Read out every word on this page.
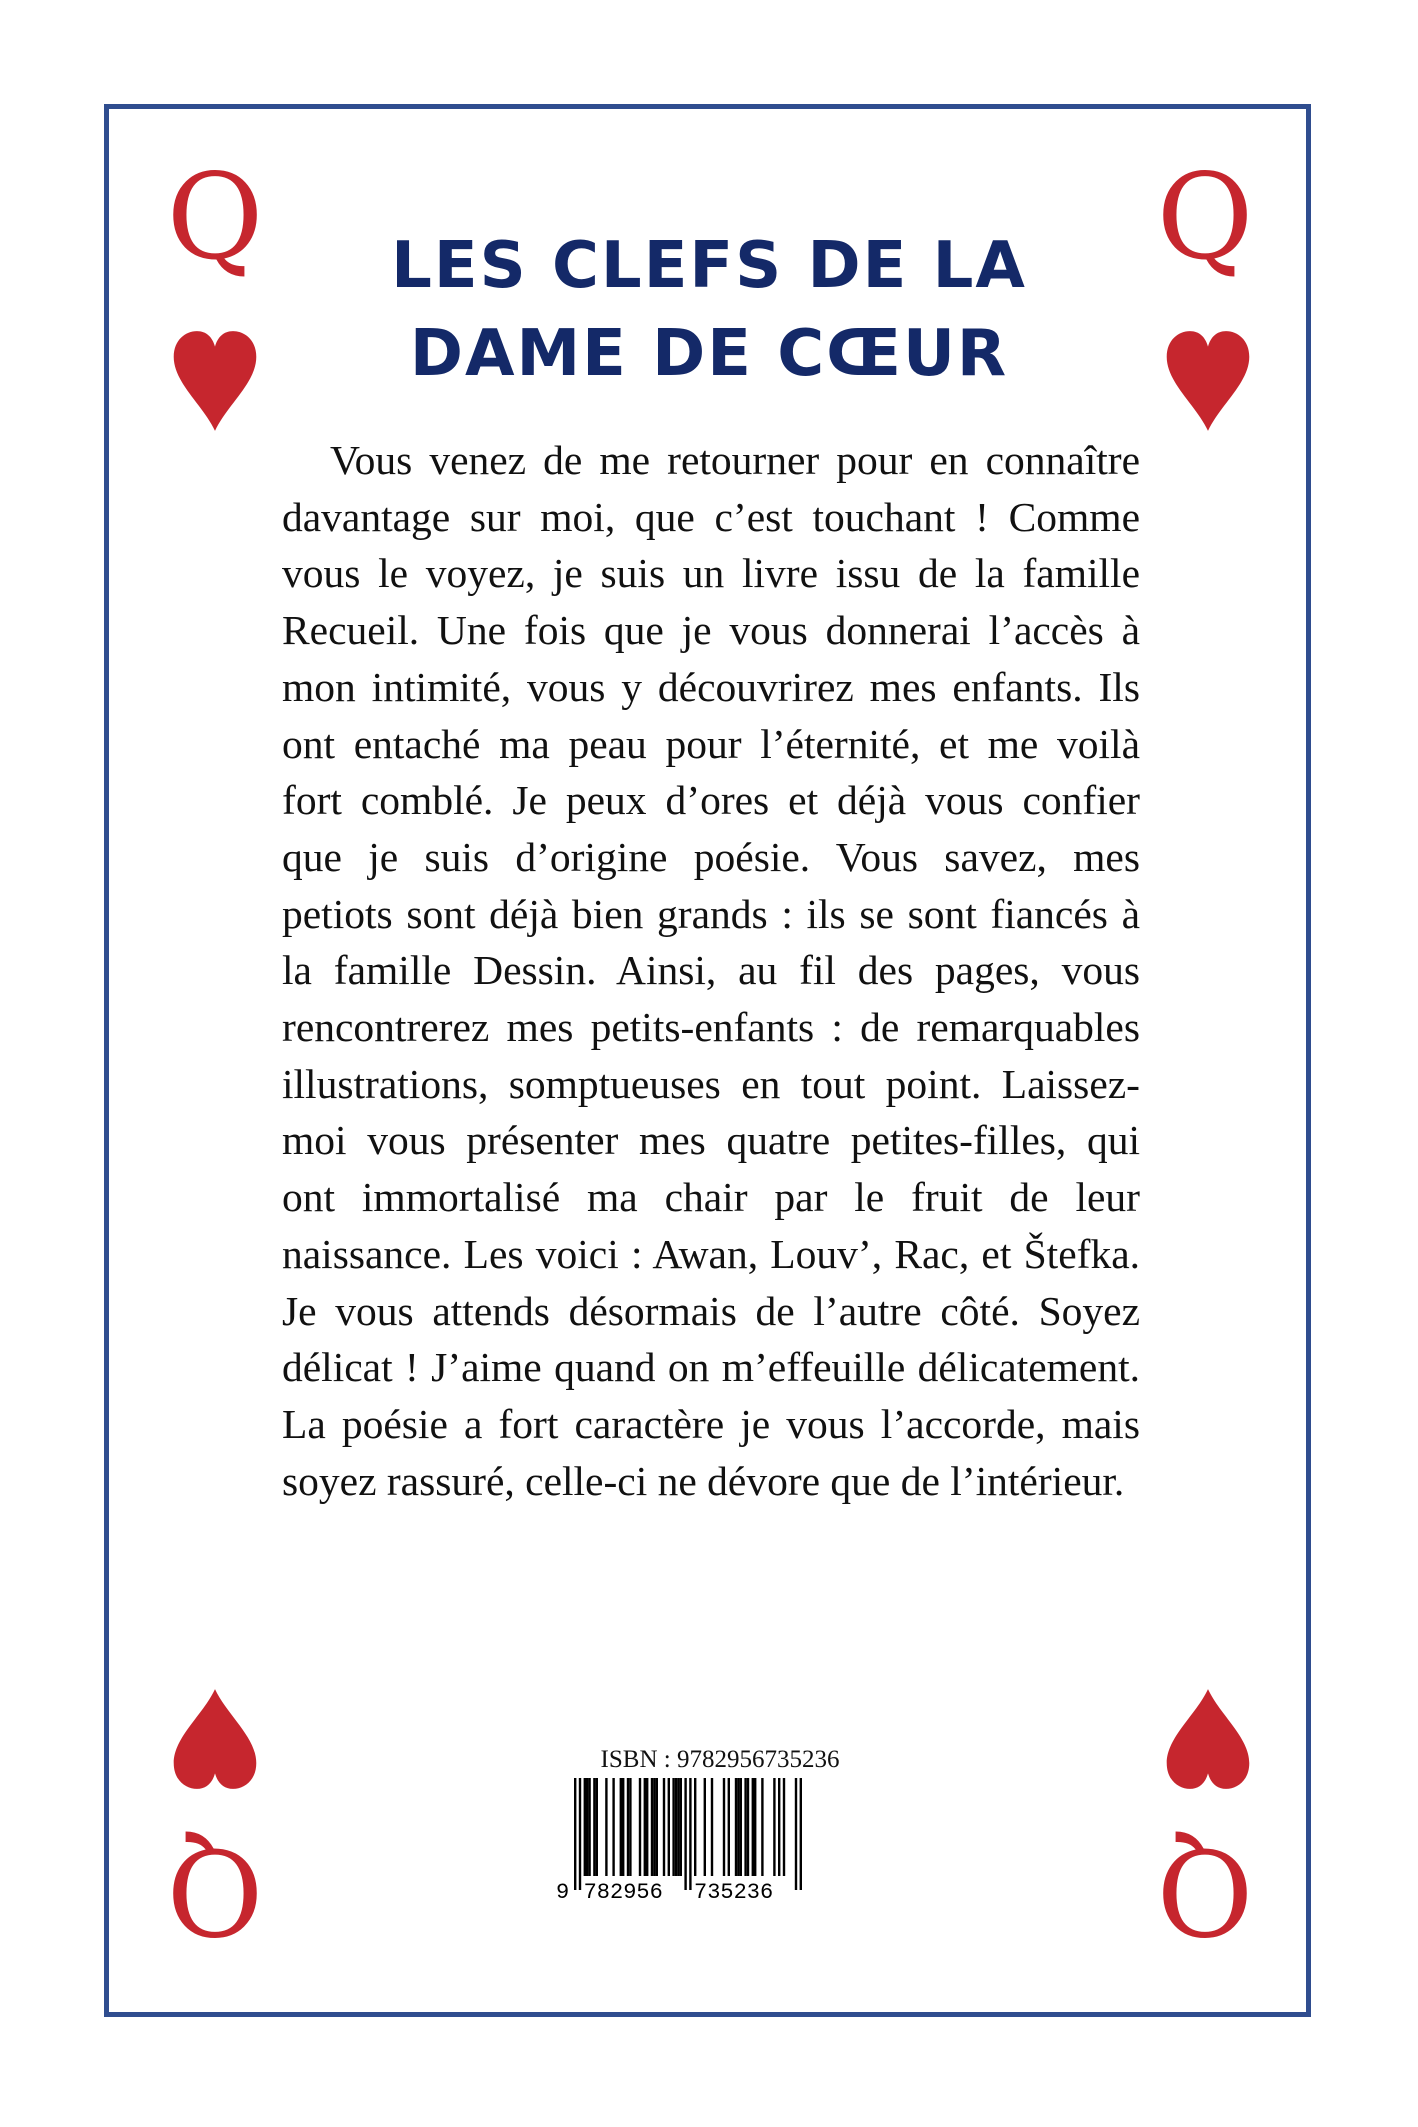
Q	Q
Q	Q
LES CLEFS DE LA
DAME DE CŒUR

Vous venez de me retourner pour en connaître davantage sur moi, que c’est touchant ! Comme vous le voyez, je suis un livre issu de la famille Recueil. Une fois que je vous donnerai l’accès à mon intimité, vous y découvrirez mes enfants. Ils ont entaché ma peau pour l’éternité, et me voilà fort comblé. Je peux d’ores et déjà vous confier que je suis d’origine poésie. Vous savez, mes petiots sont déjà bien grands : ils se sont fiancés à la famille Dessin. Ainsi, au fil des pages, vous rencontrerez mes petits-enfants : de remarquables illustrations, somptueuses en tout point. Laissez-moi vous présenter mes quatre petites-filles, qui ont immortalisé ma chair par le fruit de leur naissance. Les voici : Awan, Louv’, Rac, et Štefka. Je vous attends désormais de l’autre côté. Soyez délicat ! J’aime quand on m’effeuille délicatement. La poésie a fort caractère je vous l’accorde, mais soyez rassuré, celle-ci ne dévore que de l’intérieur.

ISBN : 9782956735236
9 782956 735236
